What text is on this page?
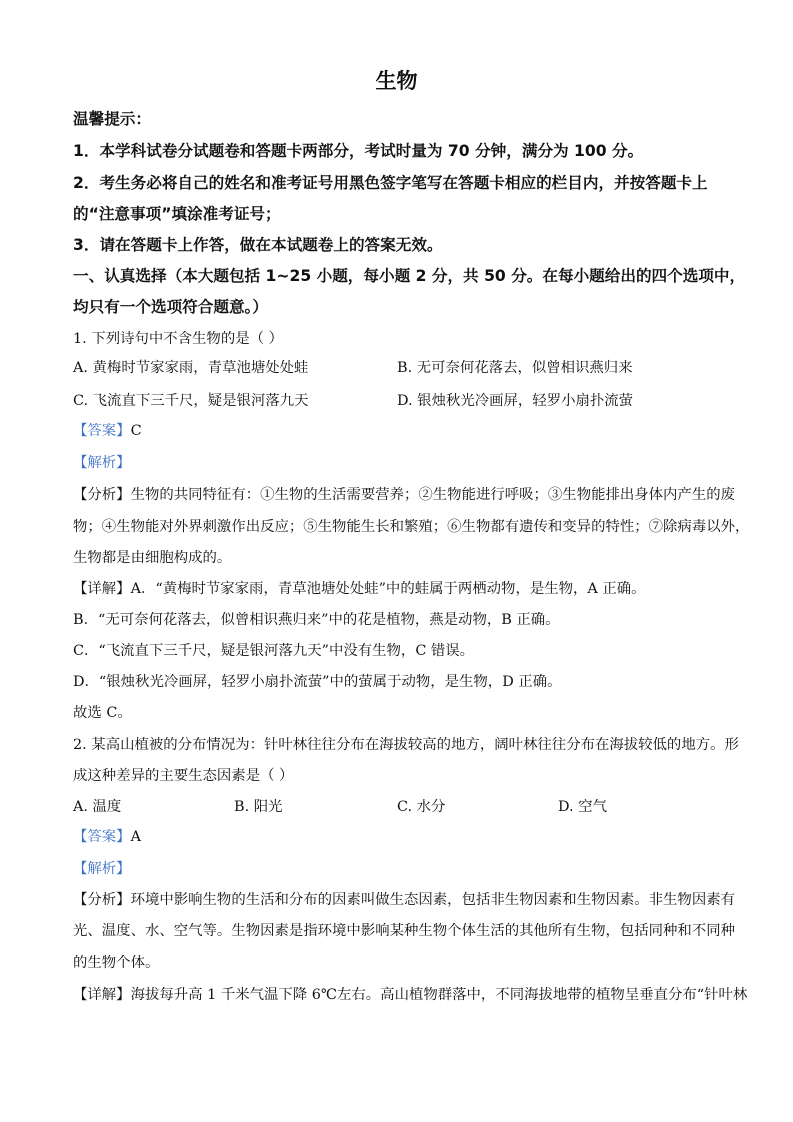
生物
温馨提示：
1．本学科试卷分试题卷和答题卡两部分，考试时量为 70 分钟，满分为 100 分。
2．考生务必将自己的姓名和准考证号用黑色签字笔写在答题卡相应的栏目内，并按答题卡上
的“注意事项”填涂准考证号；
3．请在答题卡上作答，做在本试题卷上的答案无效。
一、认真选择（本大题包括 1~25 小题，每小题 2 分，共 50 分。在每小题给出的四个选项中，
均只有一个选项符合题意。）
1. 下列诗句中不含生物的是（ ）
A. 黄梅时节家家雨，青草池塘处处蛙	B. 无可奈何花落去，似曾相识燕归来
C. 飞流直下三千尺，疑是银河落九天	D. 银烛秋光冷画屏，轻罗小扇扑流萤
【答案】C
【解析】
【分析】生物的共同特征有：①生物的生活需要营养；②生物能进行呼吸；③生物能排出身体内产生的废
物；④生物能对外界刺激作出反应；⑤生物能生长和繁殖；⑥生物都有遗传和变异的特性；⑦除病毒以外，
生物都是由细胞构成的。
【详解】A．“黄梅时节家家雨，青草池塘处处蛙”中的蛙属于两栖动物，是生物，A 正确。
B．“无可奈何花落去，似曾相识燕归来”中的花是植物，燕是动物，B 正确。
C．“飞流直下三千尺，疑是银河落九天”中没有生物，C 错误。
D．“银烛秋光冷画屏，轻罗小扇扑流萤”中的萤属于动物，是生物，D 正确。
故选 C。
2. 某高山植被的分布情况为：针叶林往往分布在海拔较高的地方，阔叶林往往分布在海拔较低的地方。形
成这种差异的主要生态因素是（ ）
A. 温度	B. 阳光	C. 水分	D. 空气
【答案】A
【解析】
【分析】环境中影响生物的生活和分布的因素叫做生态因素，包括非生物因素和生物因素。非生物因素有
光、温度、水、空气等。生物因素是指环境中影响某种生物个体生活的其他所有生物，包括同种和不同种
的生物个体。
【详解】海拔每升高 1 千米气温下降 6℃左右。高山植物群落中，不同海拔地带的植物呈垂直分布“针叶林
